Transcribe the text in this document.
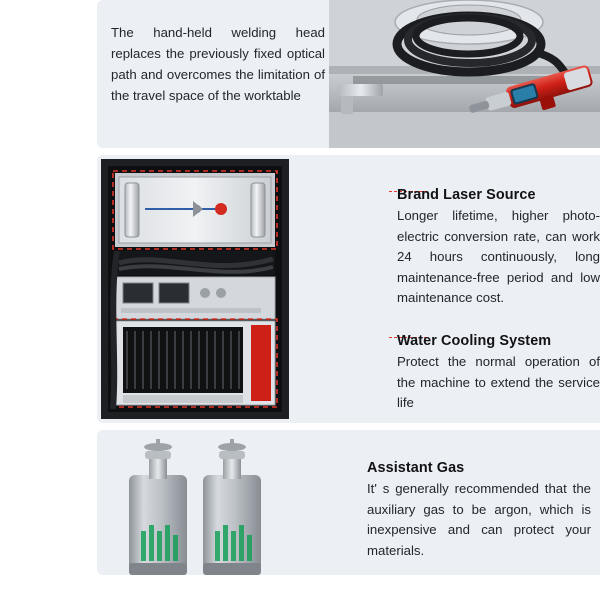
The hand-held welding head replaces the previously fixed optical path and overcomes the limitation of the travel space of the worktable
Brand Laser Source
Longer lifetime, higher photo-electric conversion rate, can work 24 hours continuously, long maintenance-free period and low maintenance cost.
Water Cooling System
Protect the normal operation of the machine to extend the service life
Assistant Gas
It' s generally recommended that the auxiliary gas to be argon, which is inexpensive and can protect your materials.
